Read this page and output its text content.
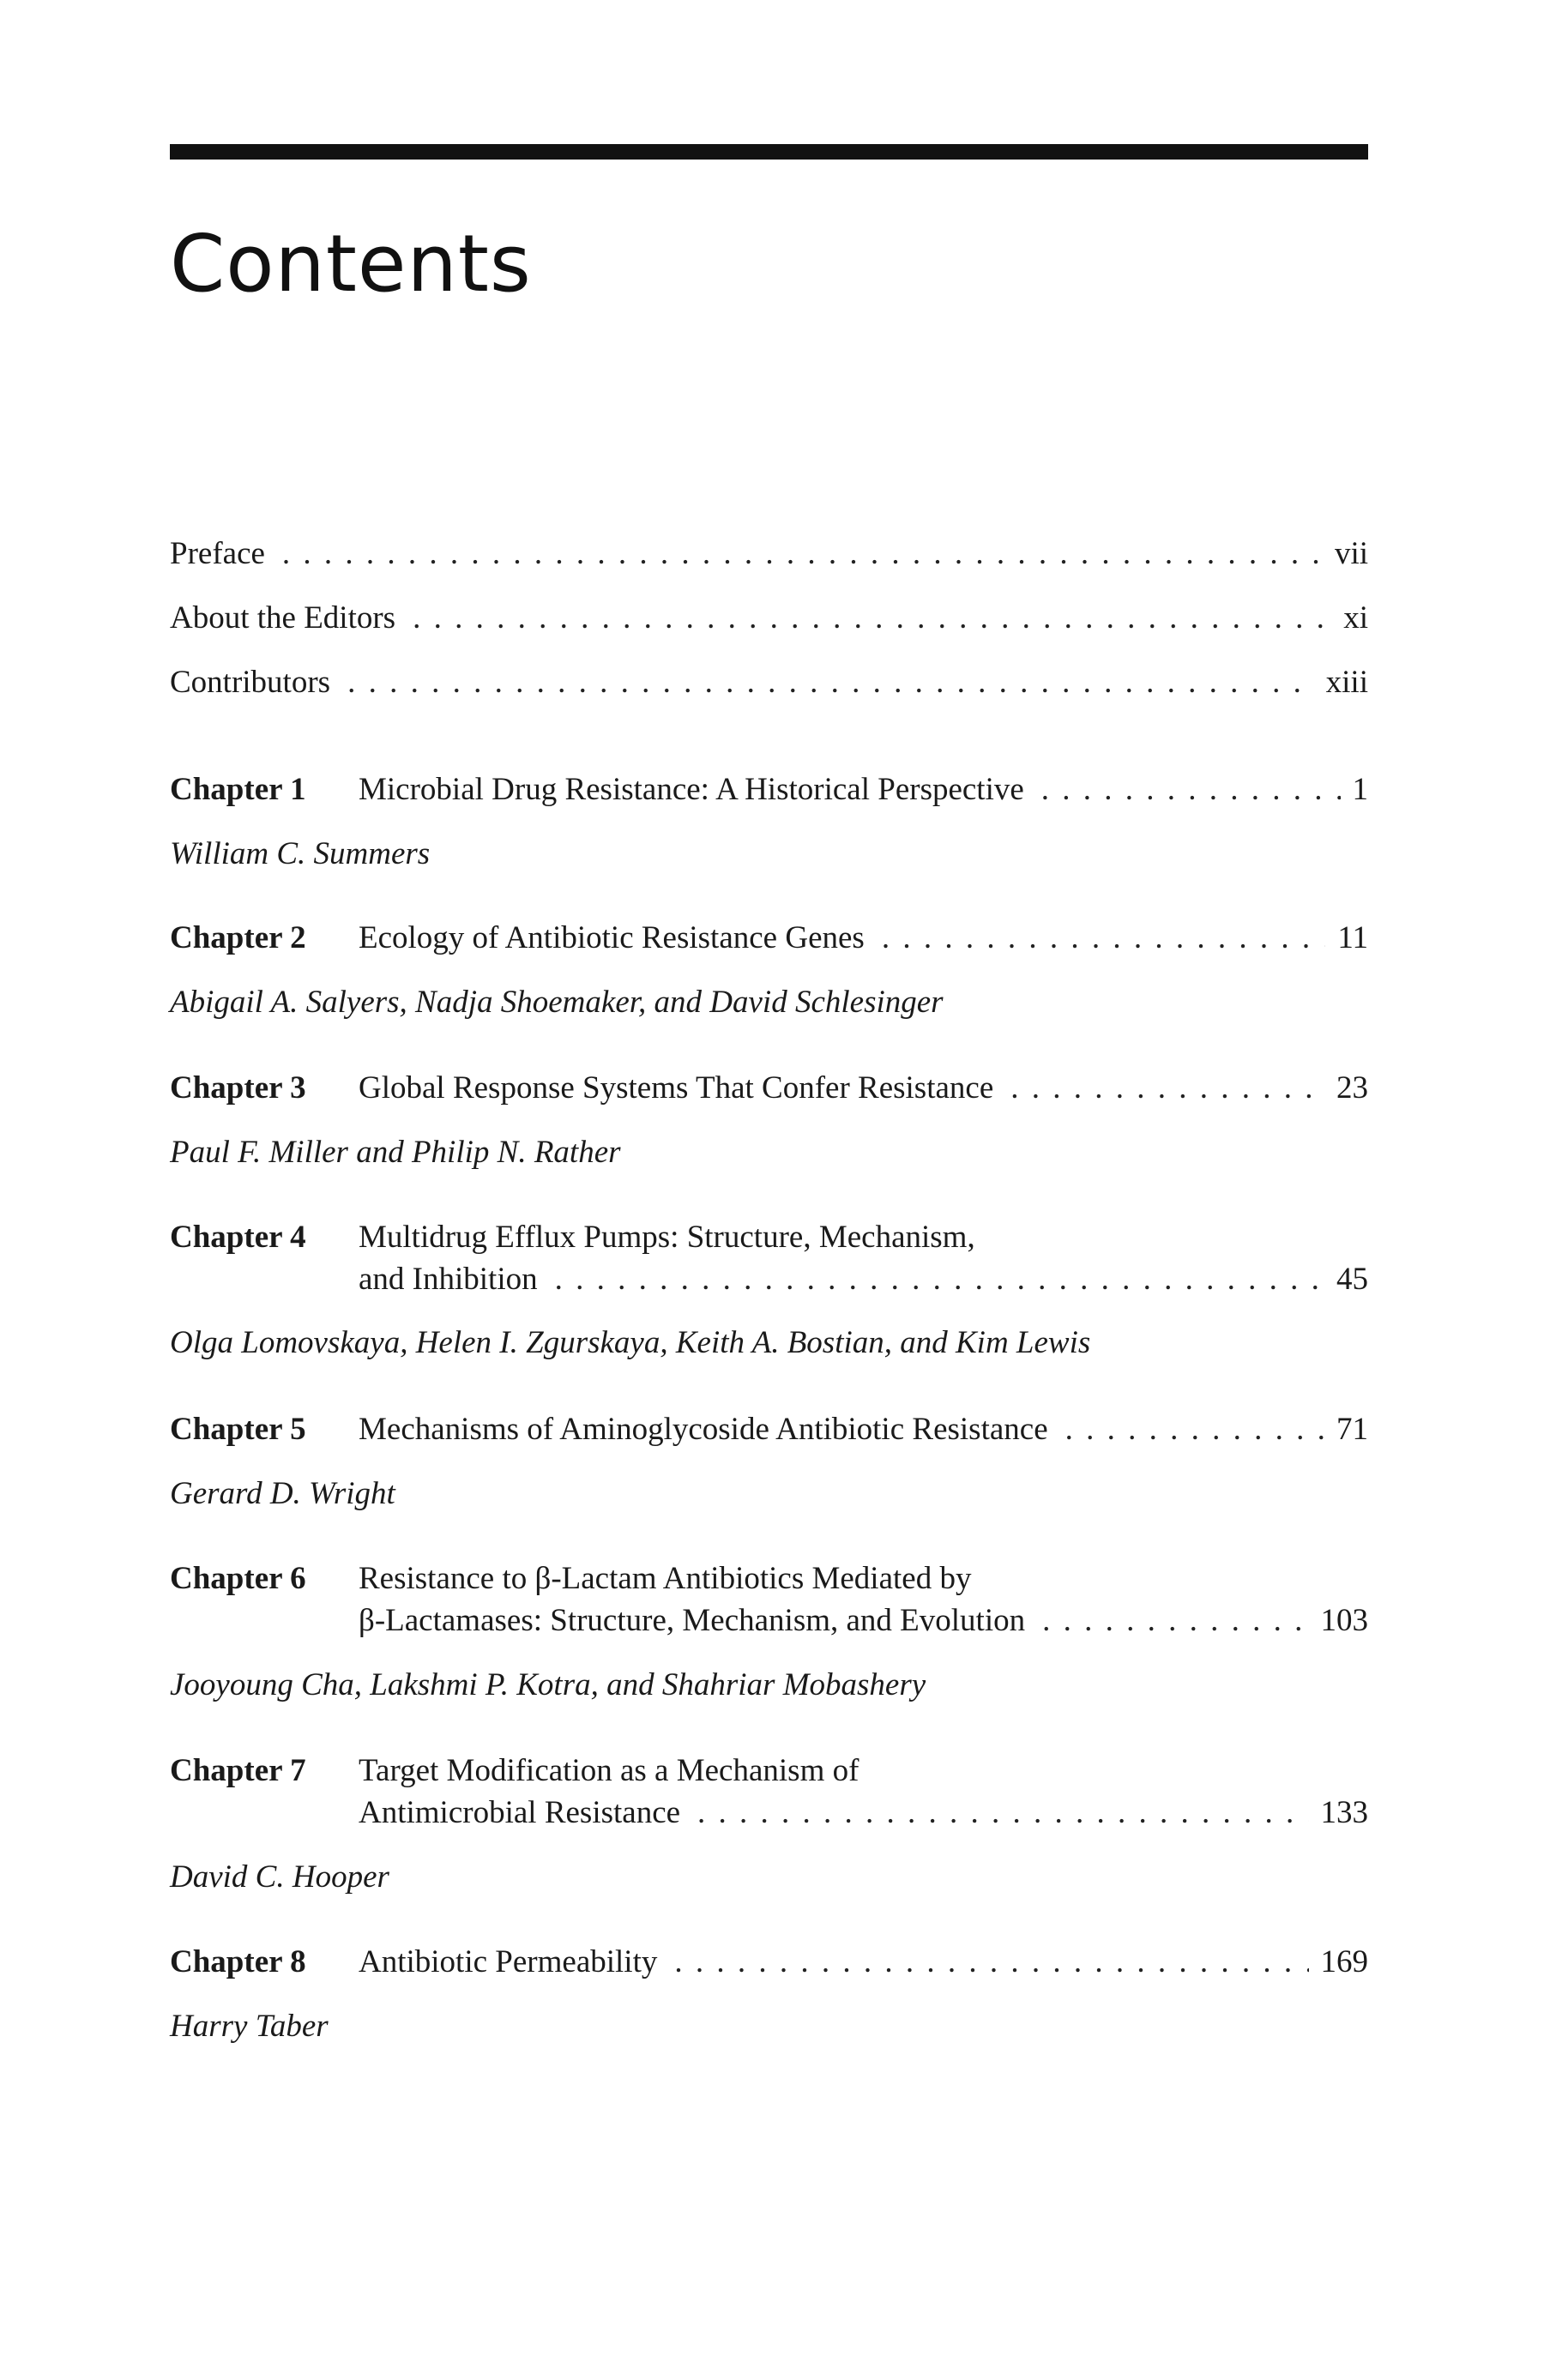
Contents
Preface . . .	vii
About the Editors . . .	xi
Contributors . . .	xiii
Chapter 1	Microbial Drug Resistance: A Historical Perspective . . .	1
William C. Summers
Chapter 2	Ecology of Antibiotic Resistance Genes . . .	11
Abigail A. Salyers, Nadja Shoemaker, and David Schlesinger
Chapter 3	Global Response Systems That Confer Resistance . . .	23
Paul F. Miller and Philip N. Rather
Chapter 4	Multidrug Efflux Pumps: Structure, Mechanism,
and Inhibition . . .	45
Olga Lomovskaya, Helen I. Zgurskaya, Keith A. Bostian, and Kim Lewis
Chapter 5	Mechanisms of Aminoglycoside Antibiotic Resistance . . .	71
Gerard D. Wright
Chapter 6	Resistance to β-Lactam Antibiotics Mediated by
β-Lactamases: Structure, Mechanism, and Evolution . . .	103
Jooyoung Cha, Lakshmi P. Kotra, and Shahriar Mobashery
Chapter 7	Target Modification as a Mechanism of
Antimicrobial Resistance . . .	133
David C. Hooper
Chapter 8	Antibiotic Permeability . . .	169
Harry Taber
